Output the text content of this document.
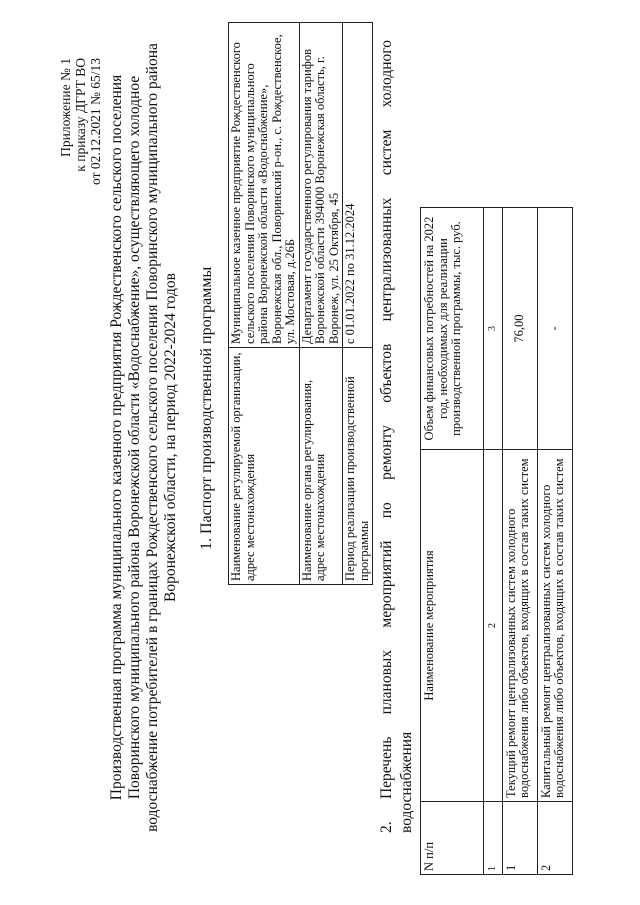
Приложение № 1 к приказу ДГРТ ВО от 02.12.2021 № 65/13 Производственная программа муниципального казенного предприятия Рождественского сельского поселения Поворинского муниципального района Воронежской области «Водоснабжение», осуществляющего холодное водоснабжение потребителей в границах Рождественского сельского поселения Поворинского муниципального района Воронежской области, на период 2022-2024 годов 1. Паспорт производственной программы Наименование регулируемой организации, адрес местонахождения	Муниципальное казенное предприятие Рождественского сельского поселения Поворинского муниципального района Воронежской области «Водоснабжение», Воронежская обл., Поворинский р-он., с. Рождественское, ул. Мостовая, д.26Б
Наименование органа регулирования, адрес местонахождения	Департамент государственного регулирования тарифов Воронежской области 394000 Воронежская область, г. Воронеж, ул. 25 Октября, 45
Период реализации производственной программы	с 01.01.2022 по 31.12.2024 2. Перечень плановых мероприятий по ремонту объектов централизованных систем холодного водоснабжения
N п/п	Наименование мероприятия	Объем финансовых потребностей на 2022 год, необходимых для реализации производственной программы, тыс. руб.
1	2	3
1	Текущий ремонт централизованных систем холодного водоснабжения либо объектов, входящих в состав таких систем	76,00
2	Капитальный ремонт централизованных систем холодного водоснабжения либо объектов, входящих в состав таких систем	-
